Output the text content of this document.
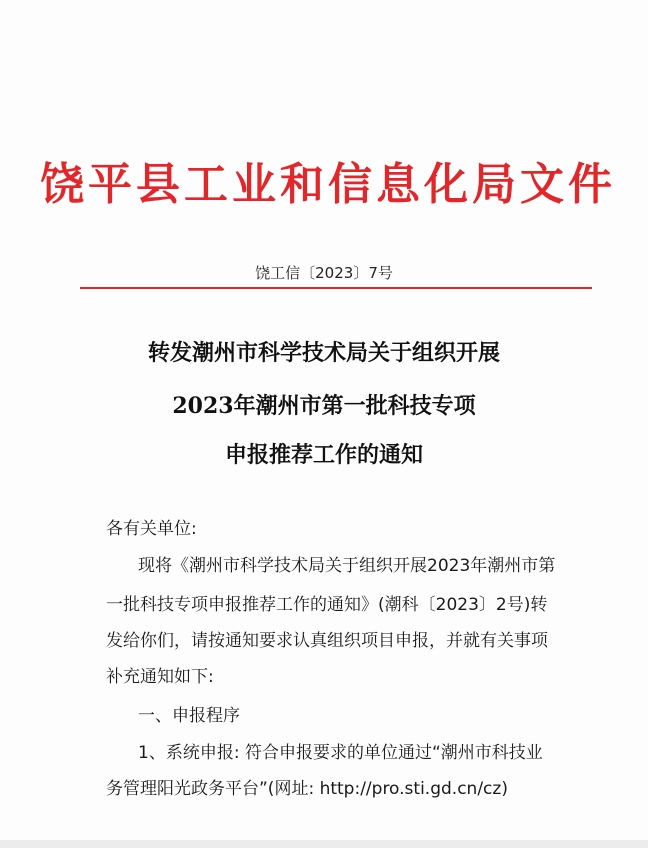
饶平县工业和信息化局文件
饶工信〔2023〕7号
转发潮州市科学技术局关于组织开展
2023年潮州市第一批科技专项
申报推荐工作的通知
各有关单位:
现将《潮州市科学技术局关于组织开展2023年潮州市第
一批科技专项申报推荐工作的通知》(潮科〔2023〕2号)转
发给你们，请按通知要求认真组织项目申报，并就有关事项
补充通知如下:
一、申报程序
1、系统申报: 符合申报要求的单位通过“潮州市科技业
务管理阳光政务平台”(网址: http://pro.sti.gd.cn/cz)
